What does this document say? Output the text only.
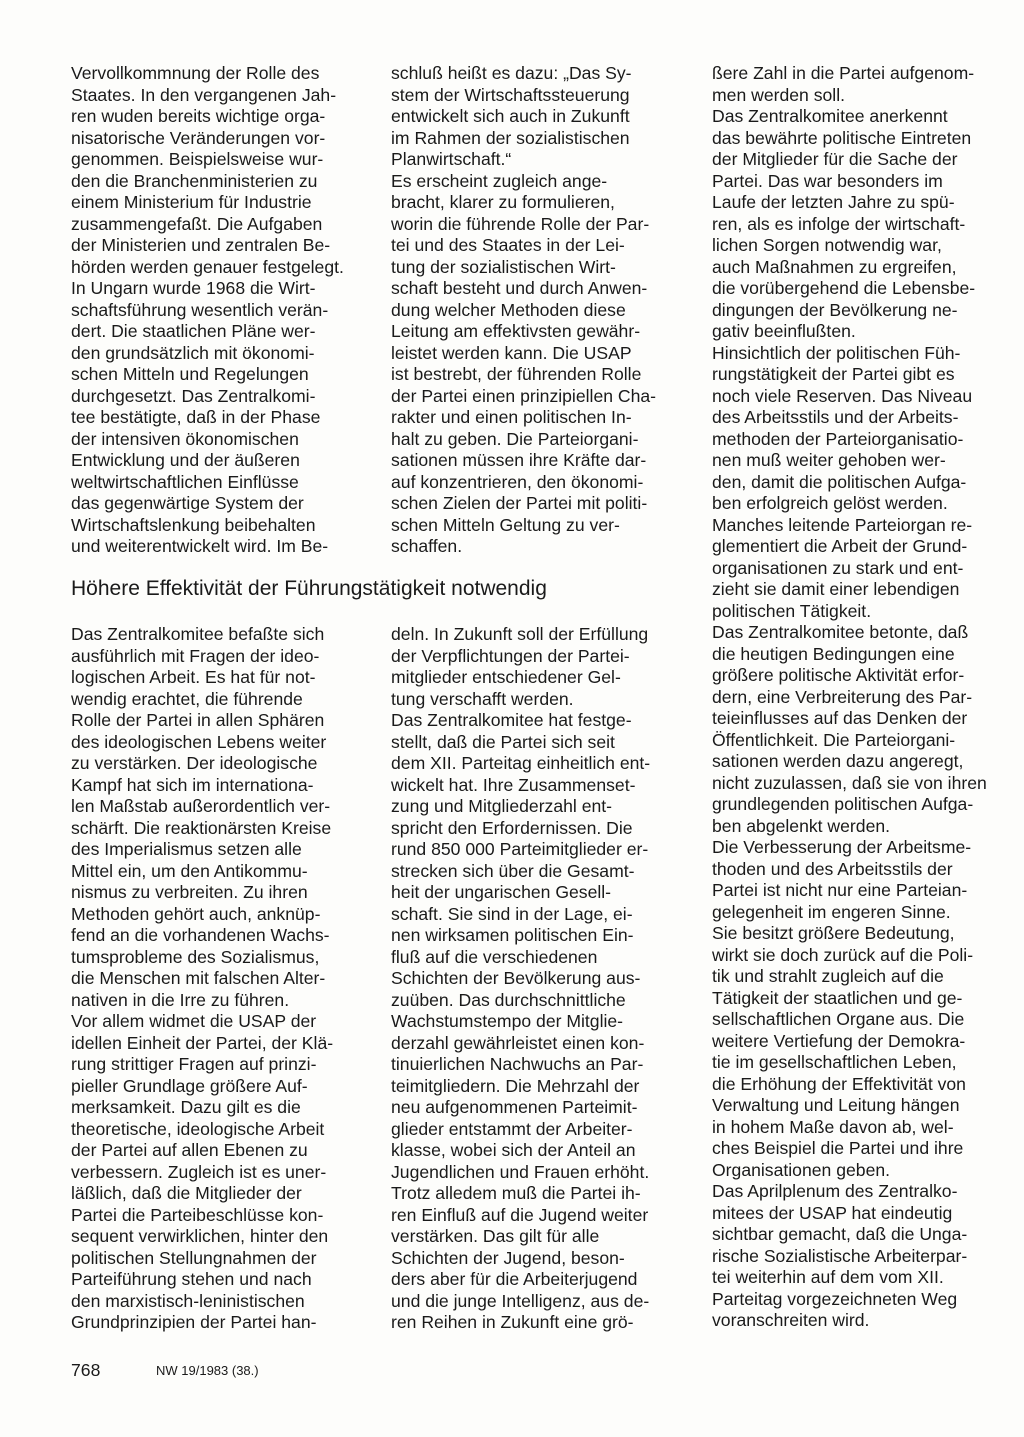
Vervollkommnung der Rolle des
Staates. In den vergangenen Jah-
ren wuden bereits wichtige orga-
nisatorische Veränderungen vor-
genommen. Beispielsweise wur-
den die Branchenministerien zu
einem Ministerium für Industrie
zusammengefaßt. Die Aufgaben
der Ministerien und zentralen Be-
hörden werden genauer festgelegt.
In Ungarn wurde 1968 die Wirt-
schaftsführung wesentlich verän-
dert. Die staatlichen Pläne wer-
den grundsätzlich mit ökonomi-
schen Mitteln und Regelungen
durchgesetzt. Das Zentralkomi-
tee bestätigte, daß in der Phase
der intensiven ökonomischen
Entwicklung und der äußeren
weltwirtschaftlichen Einflüsse
das gegenwärtige System der
Wirtschaftslenkung beibehalten
und weiterentwickelt wird. Im Be-

schluß heißt es dazu: „Das Sy-
stem der Wirtschaftssteuerung
entwickelt sich auch in Zukunft
im Rahmen der sozialistischen
Planwirtschaft.“

Es erscheint zugleich ange-
bracht, klarer zu formulieren,
worin die führende Rolle der Par-
tei und des Staates in der Lei-
tung der sozialistischen Wirt-
schaft besteht und durch Anwen-
dung welcher Methoden diese
Leitung am effektivsten gewähr-
leistet werden kann. Die USAP
ist bestrebt, der führenden Rolle
der Partei einen prinzipiellen Cha-
rakter und einen politischen In-
halt zu geben. Die Parteiorgani-
sationen müssen ihre Kräfte dar-
auf konzentrieren, den ökonomi-
schen Zielen der Partei mit politi-
schen Mitteln Geltung zu ver-
schaffen.

Höhere Effektivität der Führungstätigkeit notwendig

ßere Zahl in die Partei aufgenom-
men werden soll.

Das Zentralkomitee anerkennt
das bewährte politische Eintreten
der Mitglieder für die Sache der
Partei. Das war besonders im
Laufe der letzten Jahre zu spü-
ren, als es infolge der wirtschaft-
lichen Sorgen notwendig war,
auch Maßnahmen zu ergreifen,
die vorübergehend die Lebensbe-
dingungen der Bevölkerung ne-
gativ beeinflußten.

Hinsichtlich der politischen Füh-
rungstätigkeit der Partei gibt es
noch viele Reserven. Das Niveau
des Arbeitsstils und der Arbeits-
methoden der Parteiorganisatio-
nen muß weiter gehoben wer-
den, damit die politischen Aufga-
ben erfolgreich gelöst werden.
Manches leitende Parteiorgan re-
glementiert die Arbeit der Grund-
organisationen zu stark und ent-
zieht sie damit einer lebendigen
politischen Tätigkeit.

Das Zentralkomitee betonte, daß
die heutigen Bedingungen eine
größere politische Aktivität erfor-
dern, eine Verbreiterung des Par-
teieinflusses auf das Denken der
Öffentlichkeit. Die Parteiorgani-
sationen werden dazu angeregt,
nicht zuzulassen, daß sie von ihren
grundlegenden politischen Aufga-
ben abgelenkt werden.

Die Verbesserung der Arbeitsme-
thoden und des Arbeitsstils der
Partei ist nicht nur eine Parteian-
gelegenheit im engeren Sinne.
Sie besitzt größere Bedeutung,
wirkt sie doch zurück auf die Poli-
tik und strahlt zugleich auf die
Tätigkeit der staatlichen und ge-
sellschaftlichen Organe aus. Die
weitere Vertiefung der Demokra-
tie im gesellschaftlichen Leben,
die Erhöhung der Effektivität von
Verwaltung und Leitung hängen
in hohem Maße davon ab, wel-
ches Beispiel die Partei und ihre
Organisationen geben.

Das Aprilplenum des Zentralko-
mitees der USAP hat eindeutig
sichtbar gemacht, daß die Unga-
rische Sozialistische Arbeiterpar-
tei weiterhin auf dem vom XII.
Parteitag vorgezeichneten Weg
voranschreiten wird.

Das Zentralkomitee befaßte sich
ausführlich mit Fragen der ideo-
logischen Arbeit. Es hat für not-
wendig erachtet, die führende
Rolle der Partei in allen Sphären
des ideologischen Lebens weiter
zu verstärken. Der ideologische
Kampf hat sich im internationa-
len Maßstab außerordentlich ver-
schärft. Die reaktionärsten Kreise
des Imperialismus setzen alle
Mittel ein, um den Antikommu-
nismus zu verbreiten. Zu ihren
Methoden gehört auch, anknüp-
fend an die vorhandenen Wachs-
tumsprobleme des Sozialismus,
die Menschen mit falschen Alter-
nativen in die Irre zu führen.

Vor allem widmet die USAP der
idellen Einheit der Partei, der Klä-
rung strittiger Fragen auf prinzi-
pieller Grundlage größere Auf-
merksamkeit. Dazu gilt es die
theoretische, ideologische Arbeit
der Partei auf allen Ebenen zu
verbessern. Zugleich ist es uner-
läßlich, daß die Mitglieder der
Partei die Parteibeschlüsse kon-
sequent verwirklichen, hinter den
politischen Stellungnahmen der
Parteiführung stehen und nach
den marxistisch-leninistischen
Grundprinzipien der Partei han-

deln. In Zukunft soll der Erfüllung
der Verpflichtungen der Partei-
mitglieder entschiedener Gel-
tung verschafft werden.

Das Zentralkomitee hat festge-
stellt, daß die Partei sich seit
dem XII. Parteitag einheitlich ent-
wickelt hat. Ihre Zusammenset-
zung und Mitgliederzahl ent-
spricht den Erfordernissen. Die
rund 850 000 Parteimitglieder er-
strecken sich über die Gesamt-
heit der ungarischen Gesell-
schaft. Sie sind in der Lage, ei-
nen wirksamen politischen Ein-
fluß auf die verschiedenen
Schichten der Bevölkerung aus-
zuüben. Das durchschnittliche
Wachstumstempo der Mitglie-
derzahl gewährleistet einen kon-
tinuierlichen Nachwuchs an Par-
teimitgliedern. Die Mehrzahl der
neu aufgenommenen Parteimit-
glieder entstammt der Arbeiter-
klasse, wobei sich der Anteil an
Jugendlichen und Frauen erhöht.
Trotz alledem muß die Partei ih-
ren Einfluß auf die Jugend weiter
verstärken. Das gilt für alle
Schichten der Jugend, beson-
ders aber für die Arbeiterjugend
und die junge Intelligenz, aus de-
ren Reihen in Zukunft eine grö-

768	NW 19/1983 (38.)
